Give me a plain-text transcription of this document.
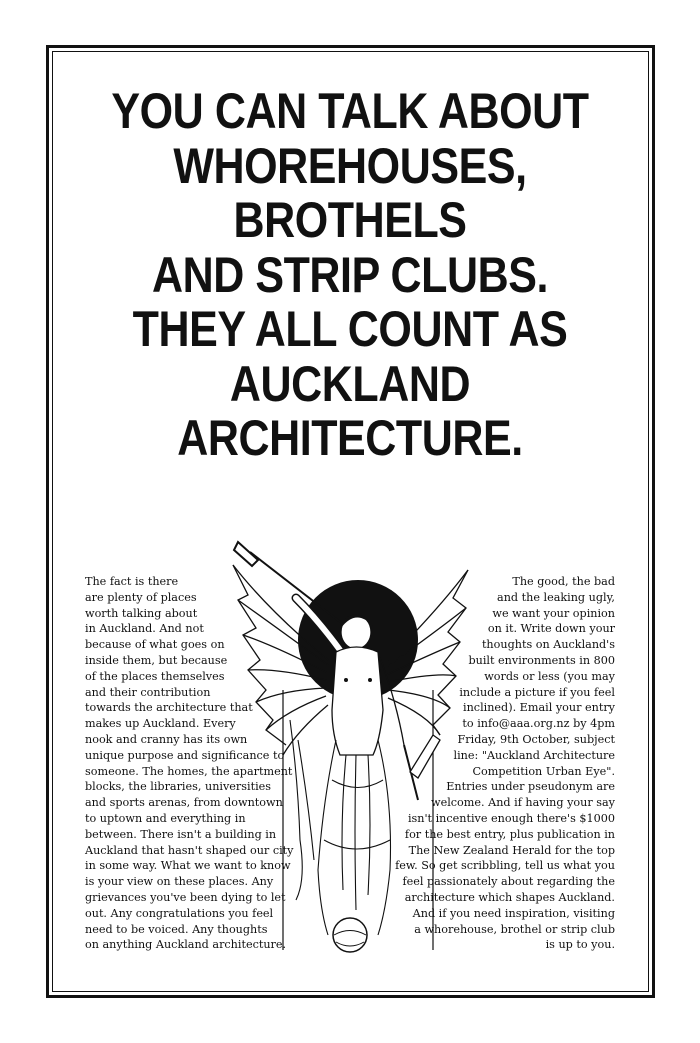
YOU CAN TALK ABOUT
WHOREHOUSES,
BROTHELS
AND STRIP CLUBS.
THEY ALL COUNT AS
AUCKLAND
ARCHITECTURE.

The fact is there
are plenty of places
worth talking about
in Auckland. And not
because of what goes on
inside them, but because
of the places themselves
and their contribution
towards the architecture that
makes up Auckland. Every
nook and cranny has its own
unique purpose and significance to
someone. The homes, the apartment
blocks, the libraries, universities
and sports arenas, from downtown
to uptown and everything in
between. There isn't a building in
Auckland that hasn't shaped our city
in some way. What we want to know
is your view on these places. Any
grievances you've been dying to let
out. Any congratulations you feel
need to be voiced. Any thoughts
on anything Auckland architecture.

The good, the bad
and the leaking ugly,
we want your opinion
on it. Write down your
thoughts on Auckland's
built environments in 800
words or less (you may
include a picture if you feel
inclined). Email your entry
to info@aaa.org.nz by 4pm
Friday, 9th October, subject
line: "Auckland Architecture
Competition Urban Eye".
Entries under pseudonym are
welcome. And if having your say
isn't incentive enough there's $1000
for the best entry, plus publication in
The New Zealand Herald for the top
few. So get scribbling, tell us what you
feel passionately about regarding the
architecture which shapes Auckland.
And if you need inspiration, visiting
a whorehouse, brothel or strip club
is up to you.
